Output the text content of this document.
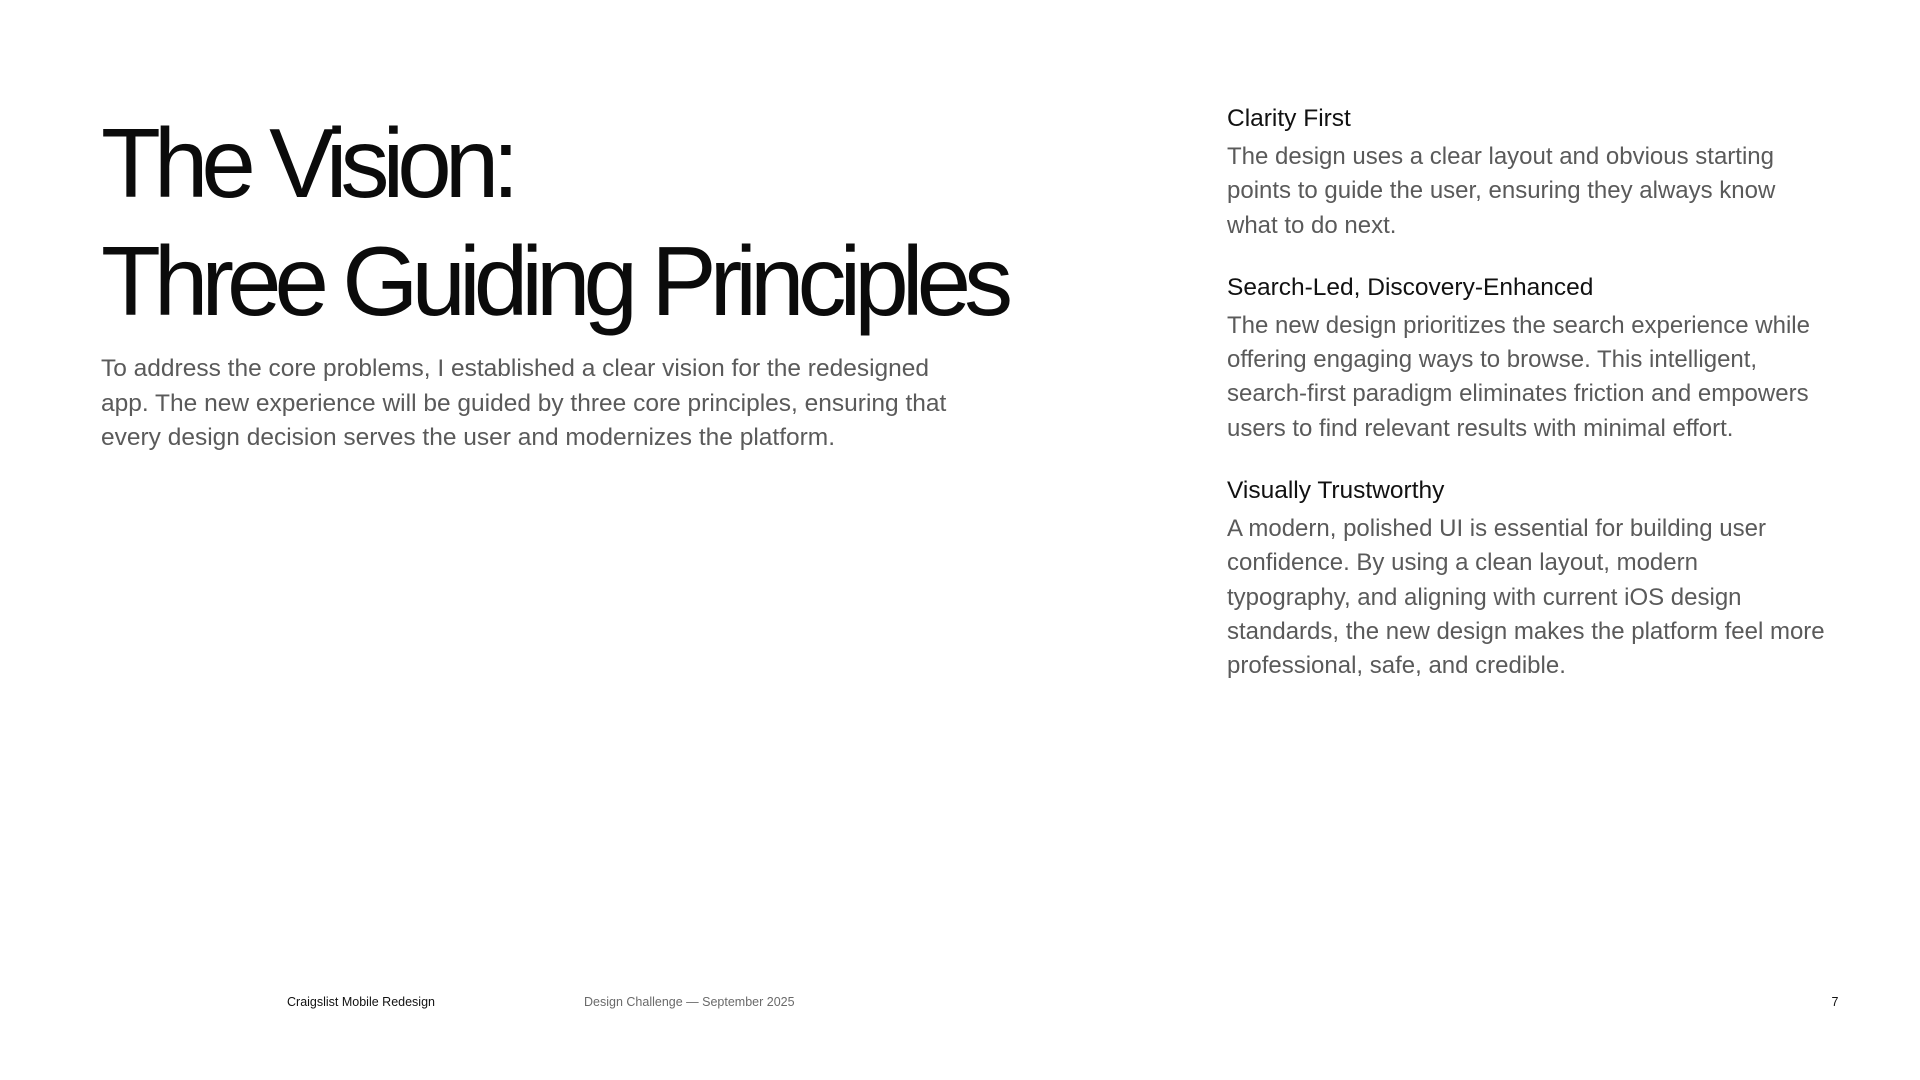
The Vision:
Three Guiding Principles

To address the core problems, I established a clear vision for the redesigned app. The new experience will be guided by three core principles, ensuring that every design decision serves the user and modernizes the platform.

Clarity First

The design uses a clear layout and obvious starting points to guide the user, ensuring they always know what to do next.

Search-Led, Discovery-Enhanced

The new design prioritizes the search experience while offering engaging ways to browse. This intelligent, search-first paradigm eliminates friction and empowers users to find relevant results with minimal effort.

Visually Trustworthy

A modern, polished UI is essential for building user confidence. By using a clean layout, modern typography, and aligning with current iOS design standards, the new design makes the platform feel more professional, safe, and credible.

Craigslist Mobile Redesign	Design Challenge — September 2025	7
